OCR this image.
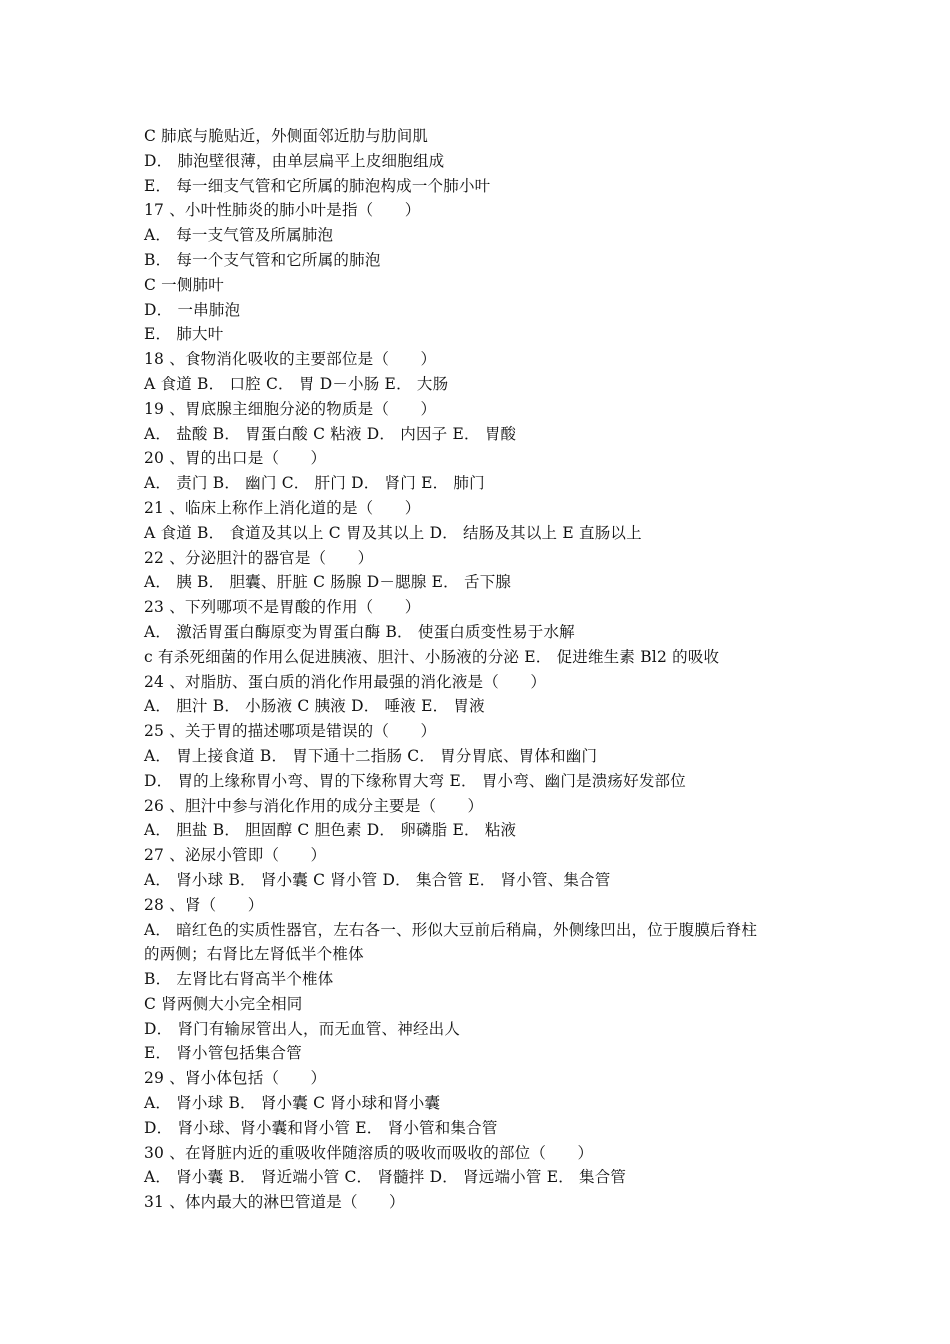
C 肺底与脆贴近，外侧面邻近肋与肋间肌
D． 肺泡壁很薄，由单层扁平上皮细胞组成
E． 每一细支气管和它所属的肺泡构成一个肺小叶
17 、小叶性肺炎的肺小叶是指（　　）
A． 每一支气管及所属肺泡
B． 每一个支气管和它所属的肺泡
C 一侧肺叶
D． 一串肺泡
E． 肺大叶
18 、食物消化吸收的主要部位是（　　）
A 食道 B． 口腔 C． 胃 D－小肠 E． 大肠
19 、胃底腺主细胞分泌的物质是（　　）
A． 盐酸 B． 胃蛋白酸 C 粘液 D． 内因子 E． 胃酸
20 、胃的出口是（　　）
A． 责门 B． 幽门 C． 肝门 D． 肾门 E． 肺门
21 、临床上称作上消化道的是（　　）
A 食道 B． 食道及其以上 C 胃及其以上 D． 结肠及其以上 E 直肠以上
22 、分泌胆汁的器官是（　　）
A． 胰 B． 胆囊、肝脏 C 肠腺 D－腮腺 E． 舌下腺
23 、下列哪项不是胃酸的作用（　　）
A． 激活胃蛋白酶原变为胃蛋白酶 B． 使蛋白质变性易于水解
c 有杀死细菌的作用么促进胰液、胆汁、小肠液的分泌 E． 促进维生素 Bl2 的吸收
24 、对脂肪、蛋白质的消化作用最强的消化液是（　　）
A． 胆汁 B． 小肠液 C 胰液 D． 唾液 E． 胃液
25 、关于胃的描述哪项是错误的（　　）
A． 胃上接食道 B． 胃下通十二指肠 C． 胃分胃底、胃体和幽门
D． 胃的上缘称胃小弯、胃的下缘称胃大弯 E． 胃小弯、幽门是溃疡好发部位
26 、胆汁中参与消化作用的成分主要是（　　）
A． 胆盐 B． 胆固醇 C 胆色素 D． 卵磷脂 E． 粘液
27 、泌尿小管即（　　）
A． 肾小球 B． 肾小囊 C 肾小管 D． 集合管 E． 肾小管、集合管
28 、肾（　　）
A． 暗红色的实质性器官，左右各一、形似大豆前后稍扁，外侧缘凹出，位于腹膜后脊柱
的两侧；右肾比左肾低半个椎体
B． 左肾比右肾高半个椎体
C 肾两侧大小完全相同
D． 肾门有输尿管出人，而无血管、神经出人
E． 肾小管包括集合管
29 、肾小体包括（　　）
A． 肾小球 B． 肾小囊 C 肾小球和肾小囊
D． 肾小球、肾小囊和肾小管 E． 肾小管和集合管
30 、在肾脏内近的重吸收伴随溶质的吸收而吸收的部位（　　）
A． 肾小囊 B． 肾近端小管 C． 肾髓拌 D． 肾远端小管 E． 集合管
31 、体内最大的淋巴管道是（　　）
